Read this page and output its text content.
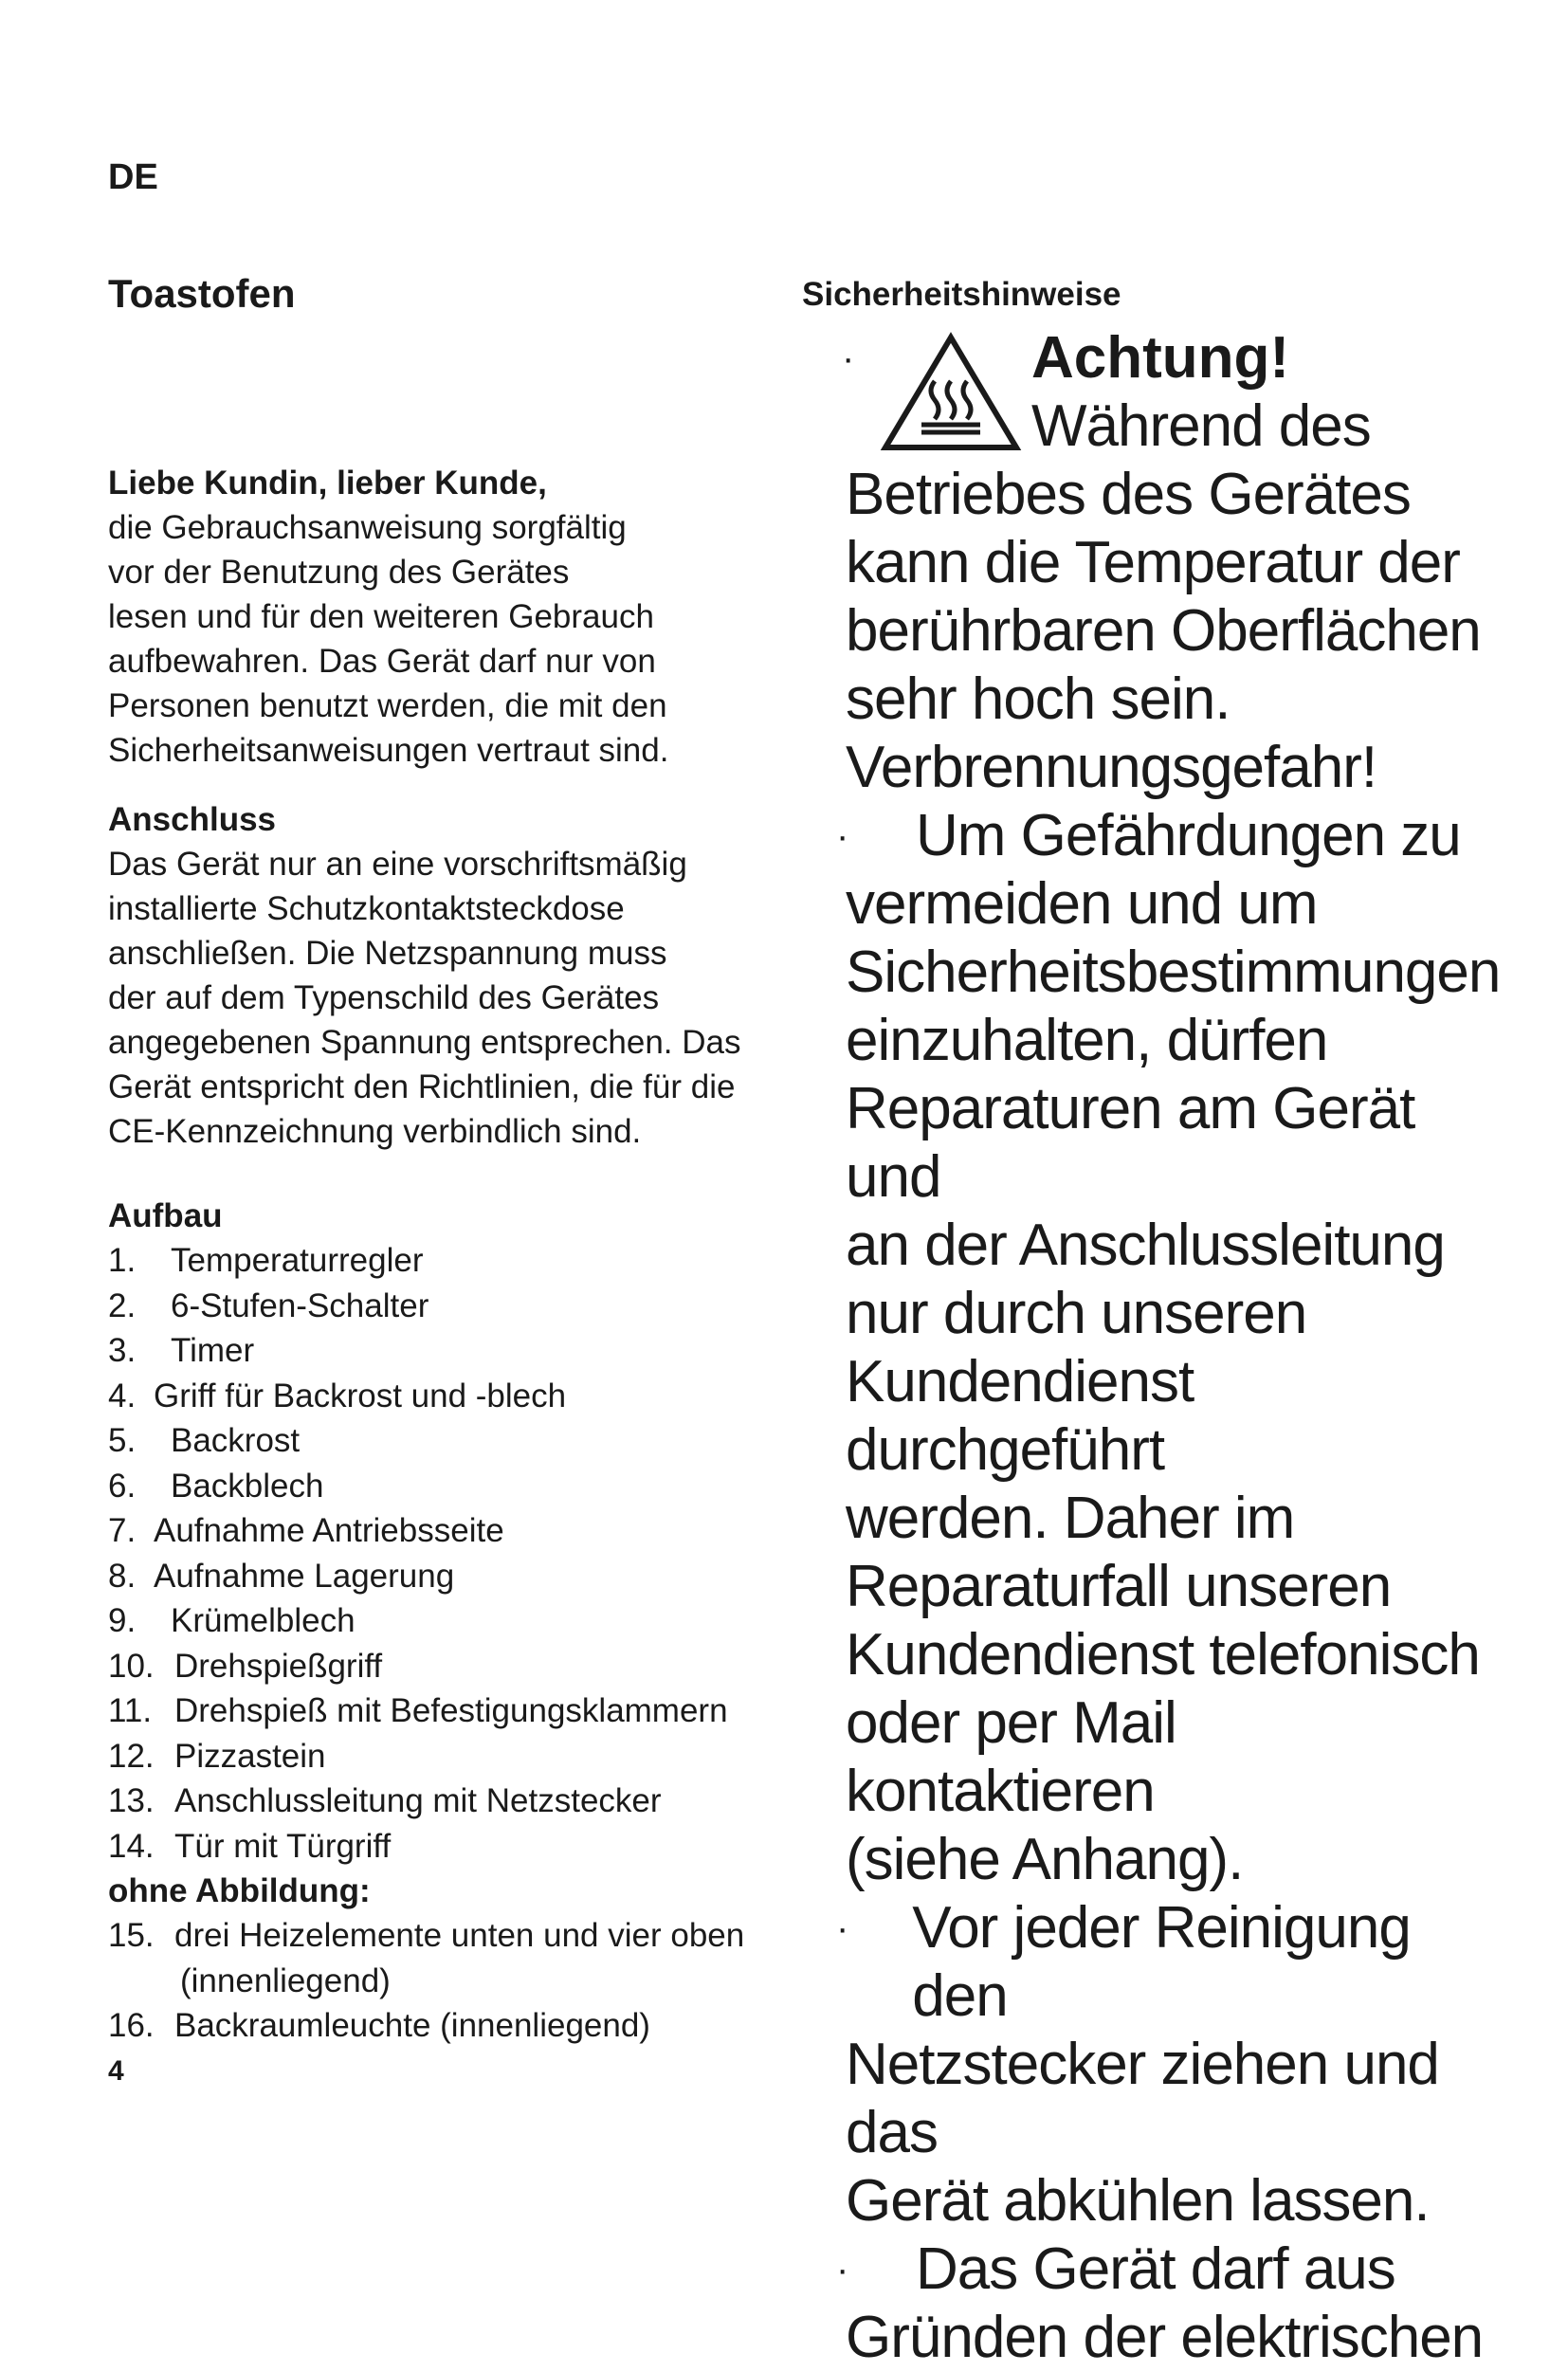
DE
Toastofen

Liebe Kundin, lieber Kunde,

die Gebrauchsanweisung sorgfältig

vor der Benutzung des Gerätes

lesen und für den weiteren Gebrauch

aufbewahren. Das Gerät darf nur von

Personen benutzt werden, die mit den

Sicherheitsanweisungen vertraut sind.

Anschluss

Das Gerät nur an eine vorschriftsmäßig

installierte Schutzkontaktsteckdose

anschließen. Die Netzspannung muss

der auf dem Typenschild des Gerätes

angegebenen Spannung entsprechen. Das

Gerät entspricht den Richtlinien, die für die

CE-Kennzeichnung verbindlich sind.

Aufbau

1.	Temperaturregler
2.	6-Stufen-Schalter
3.	Timer
4. Griff für Backrost und -blech
5.	Backrost
6.	Backblech
7. Aufnahme Antriebsseite
8. Aufnahme Lagerung
9.	Krümelblech
10. Drehspießgriff
11. Drehspieß mit Befestigungsklammern
12. Pizzastein
13. Anschlussleitung mit Netzstecker
14. Tür mit Türgriff

ohne Abbildung:

15. drei Heizelemente unten und vier oben
(innenliegend)
16. Backraumleuchte (innenliegend)
4

Sicherheitshinweise

·	Achtung!
Während des
Betriebes des Gerätes
kann die Temperatur der
berührbaren Oberflächen
sehr hoch sein.
Verbrennungsgefahr!
·	Um Gefährdungen zu
vermeiden und um
Sicherheitsbestimmungen
einzuhalten, dürfen
Reparaturen am Gerät und
an der Anschlussleitung
nur durch unseren
Kundendienst durchgeführt
werden. Daher im
Reparaturfall unseren
Kundendienst telefonisch
oder per Mail kontaktieren
(siehe Anhang).
·	Vor jeder Reinigung den
Netzstecker ziehen und das
Gerät abkühlen lassen.
·	Das Gerät darf aus
Gründen der elektrischen
